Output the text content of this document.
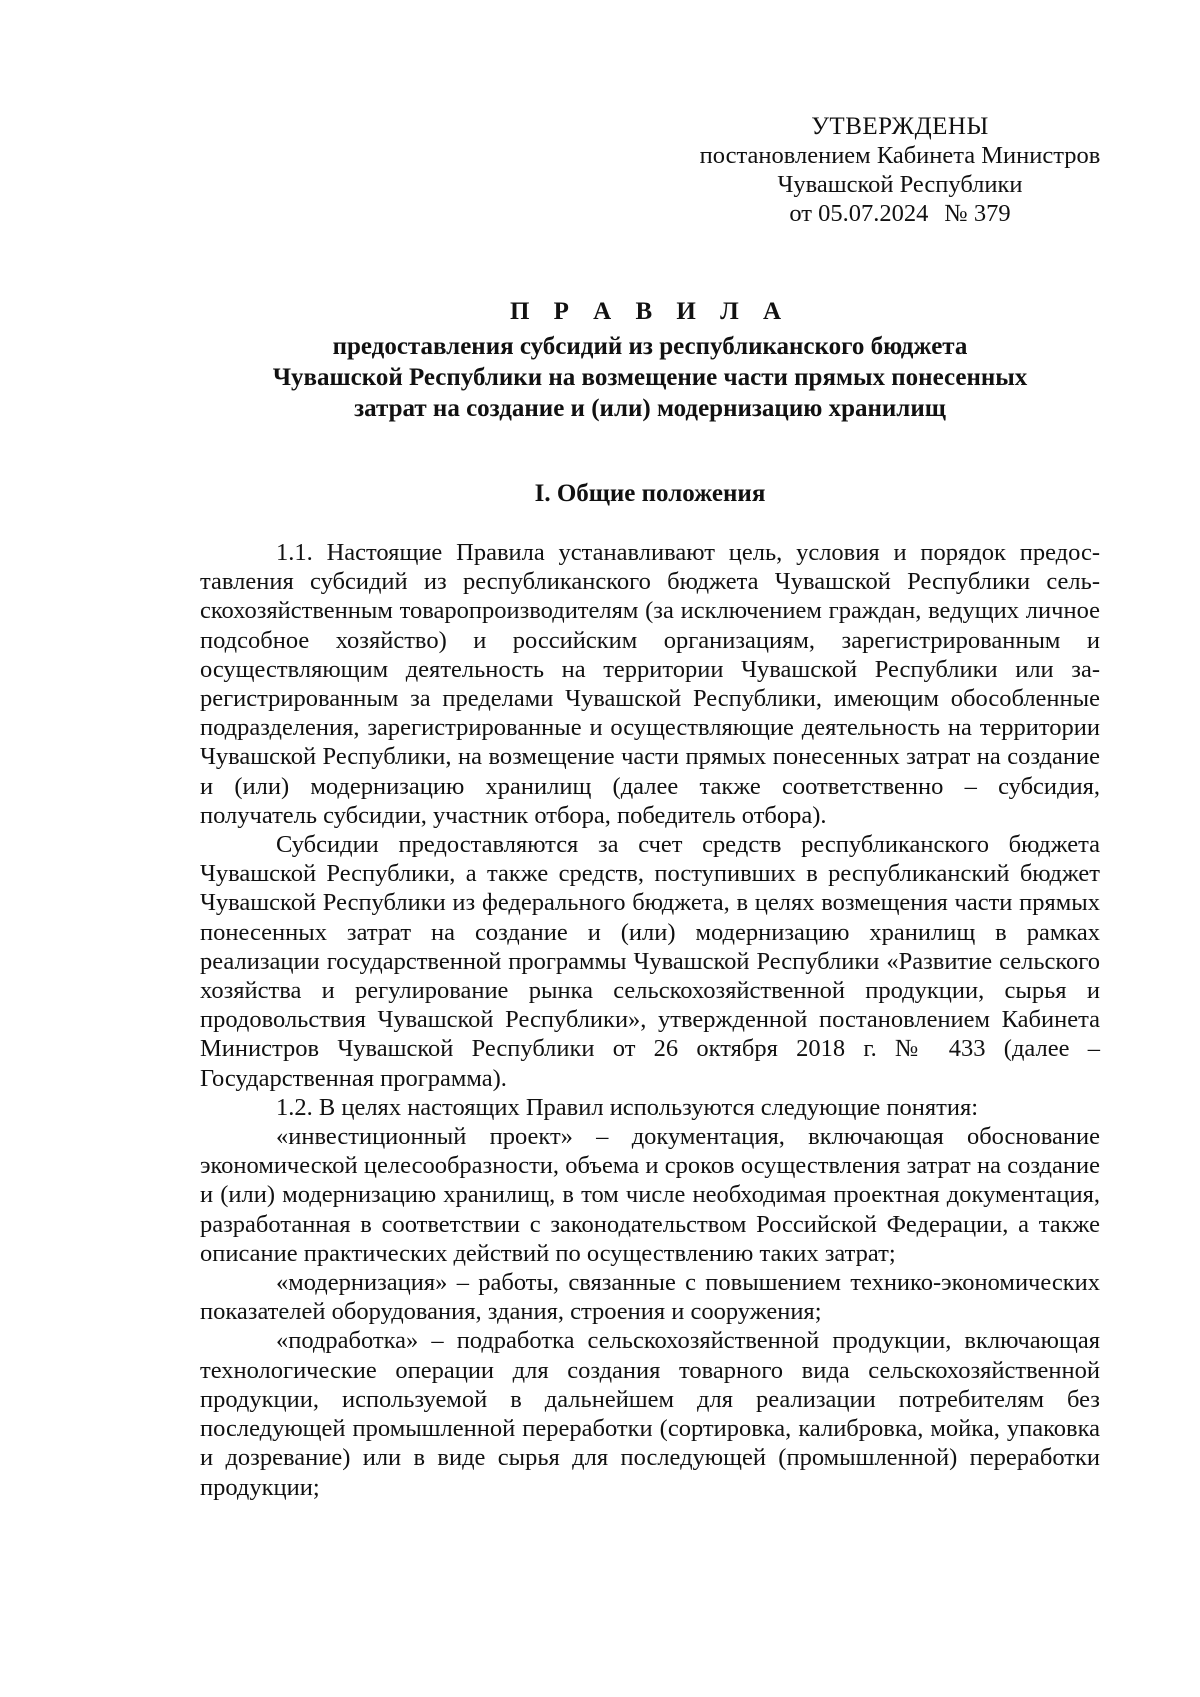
УТВЕРЖДЕНЫ
постановлением Кабинета Министров
Чувашской Республики
от 05.07.2024 № 379
П Р А В И Л А
предоставления субсидий из республиканского бюджета
Чувашской Республики на возмещение части прямых понесенных
затрат на создание и (или) модернизацию хранилищ
I. Общие положения

1.1. Настоящие Правила устанавливают цель, условия и порядок предоставления субсидий из республиканского бюджета Чувашской Республики сельскохозяйственным товаропроизводителям (за исключением граждан, ведущих личное подсобное хозяйство) и российским организациям, зарегистрированным и осуществляющим деятельность на территории Чувашской Республики или зарегистрированным за пределами Чувашской Республики, имеющим обособленные подразделения, зарегистрированные и осуществляющие деятельность на территории Чувашской Республики, на возмещение части прямых понесенных затрат на создание и (или) модернизацию хранилищ (далее также соответственно – субсидия, получатель субсидии, участник отбора, победитель отбора).

Субсидии предоставляются за счет средств республиканского бюджета Чувашской Республики, а также средств, поступивших в республиканский бюджет Чувашской Республики из федерального бюджета, в целях возмещения части прямых понесенных затрат на создание и (или) модернизацию хранилищ в рамках реализации государственной программы Чувашской Республики «Развитие сельского хозяйства и регулирование рынка сельскохозяйственной продукции, сырья и продовольствия Чувашской Республики», утвержденной постановлением Кабинета Министров Чувашской Республики от 26 октября 2018 г. № 433 (далее – Государственная программа).

1.2. В целях настоящих Правил используются следующие понятия:

«инвестиционный проект» – документация, включающая обоснование экономической целесообразности, объема и сроков осуществления затрат на создание и (или) модернизацию хранилищ, в том числе необходимая проектная документация, разработанная в соответствии с законодательством Российской Федерации, а также описание практических действий по осуществлению таких затрат;

«модернизация» – работы, связанные с повышением технико-экономических показателей оборудования, здания, строения и сооружения;

«подработка» – подработка сельскохозяйственной продукции, включающая технологические операции для создания товарного вида сельскохозяйственной продукции, используемой в дальнейшем для реализации потребителям без последующей промышленной переработки (сортировка, калибровка, мойка, упаковка и дозревание) или в виде сырья для последующей (промышленной) переработки продукции;
